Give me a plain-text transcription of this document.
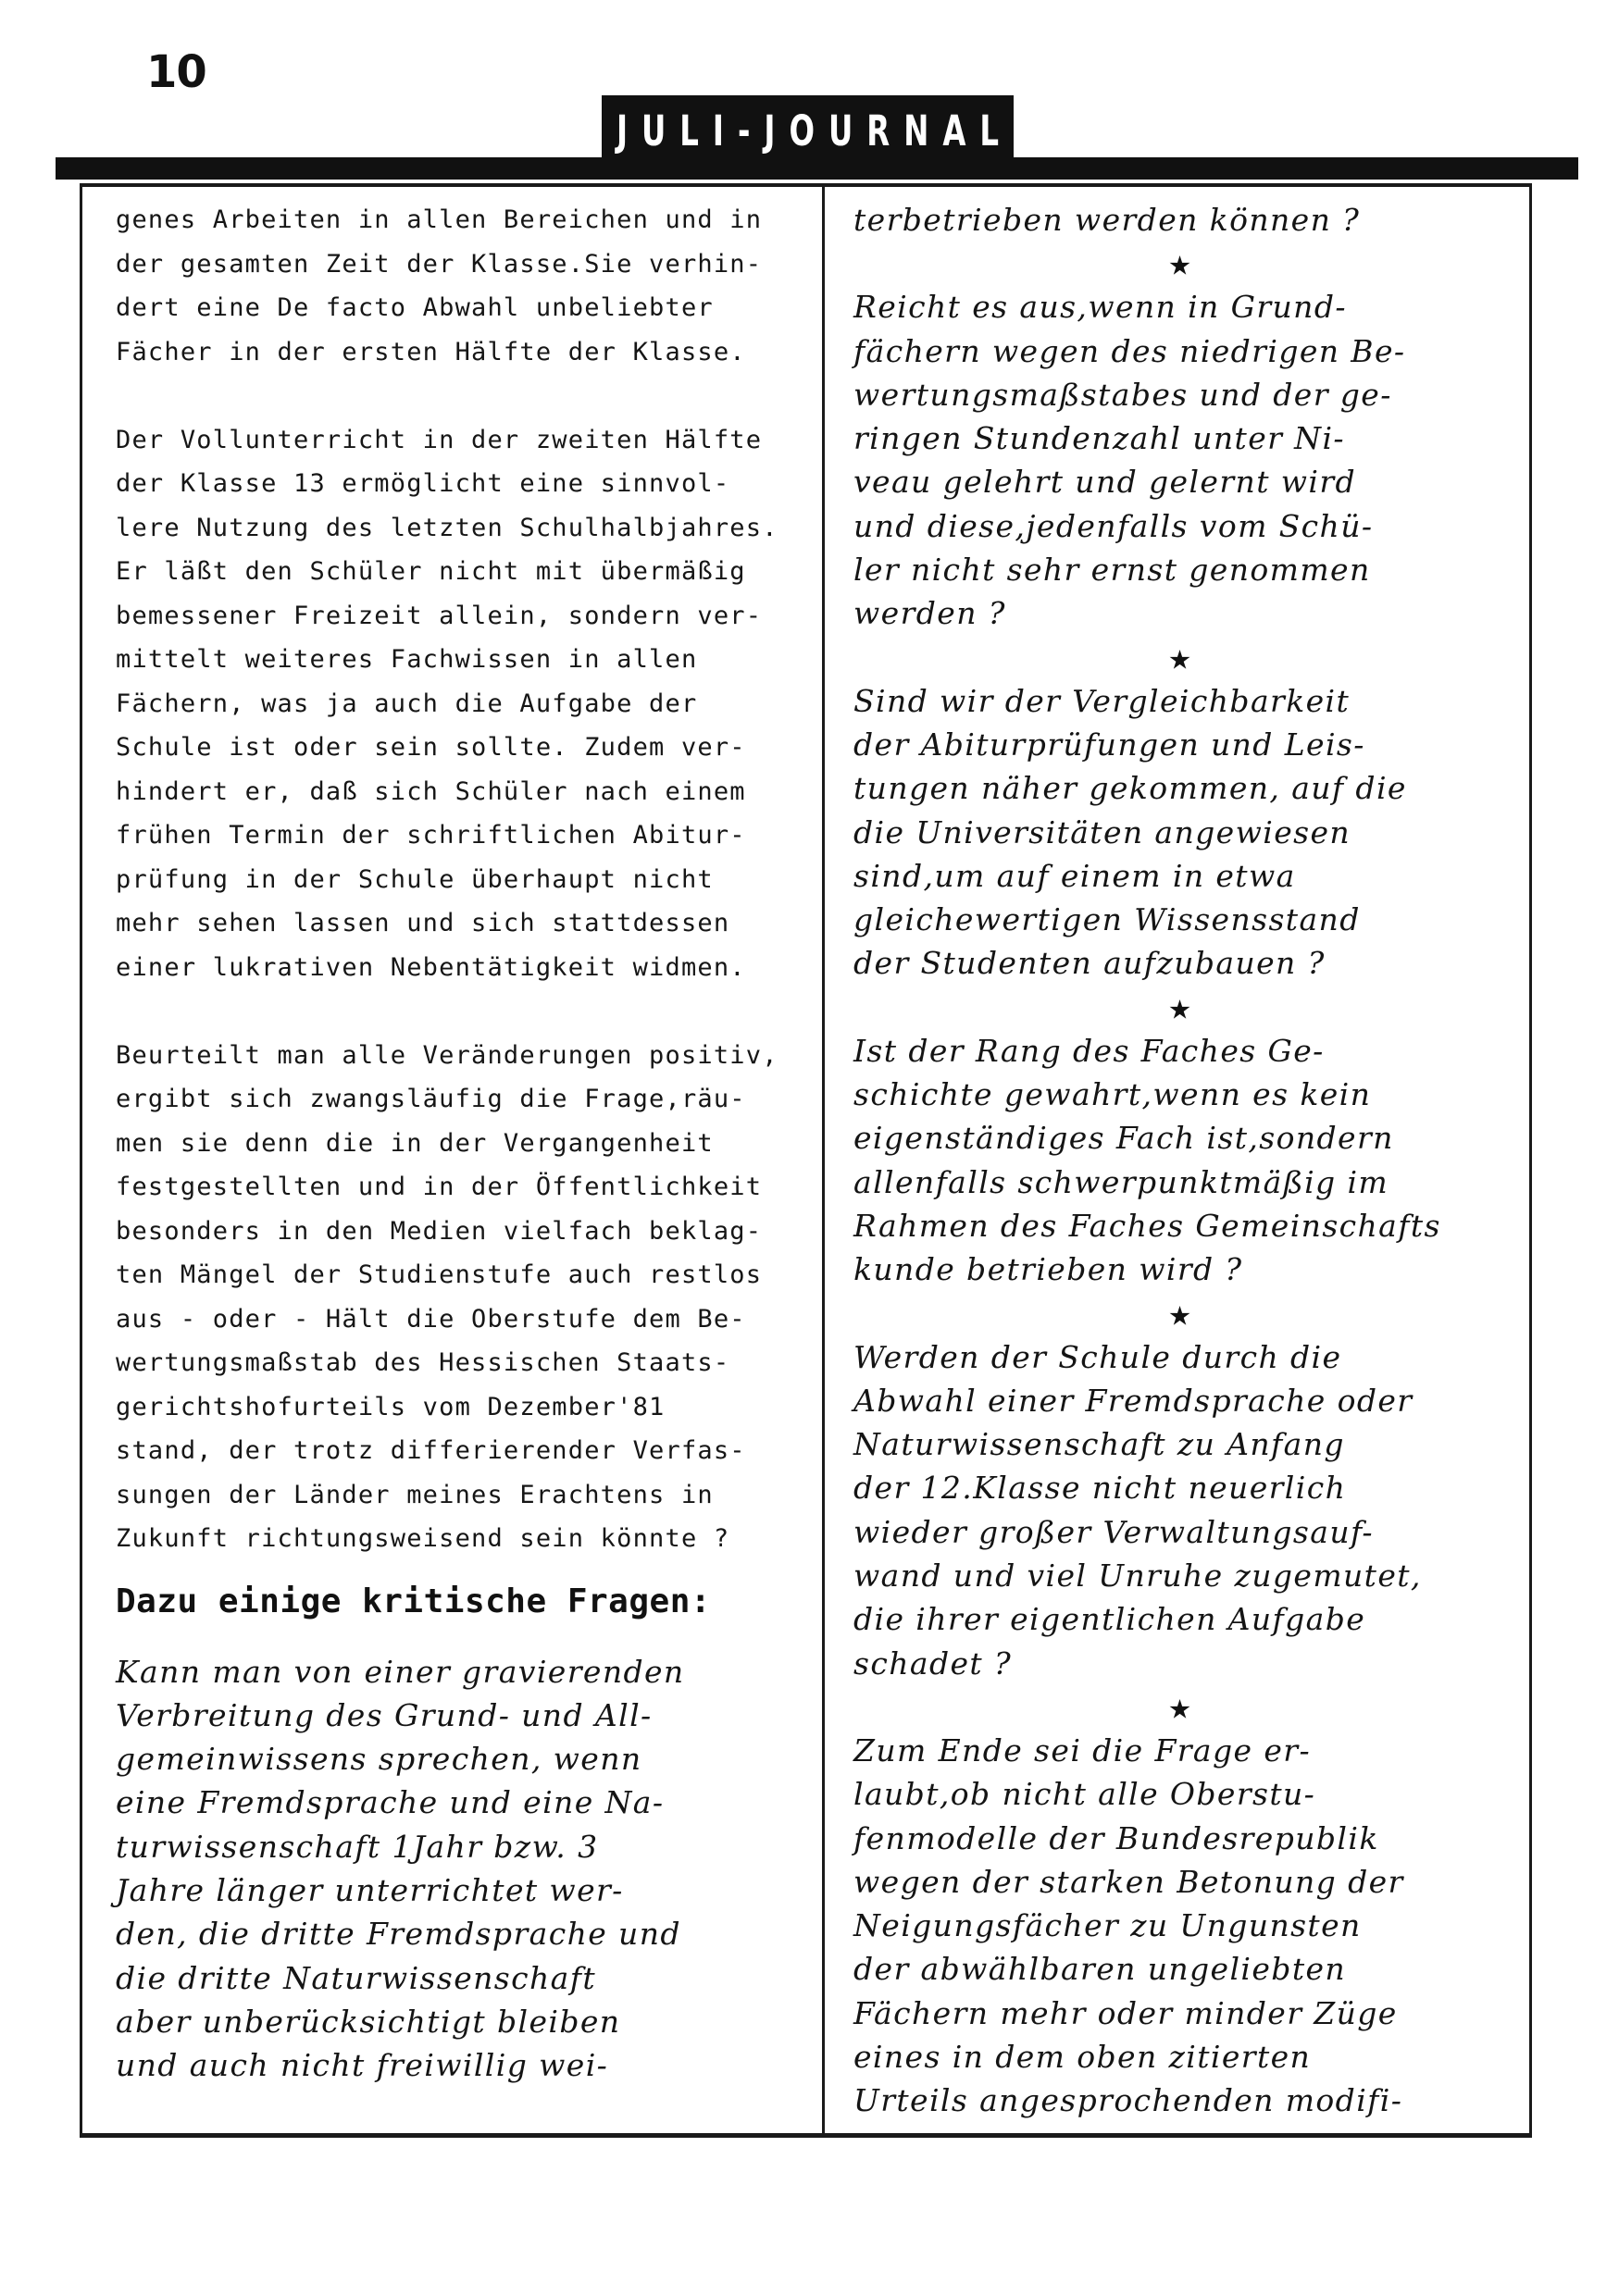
10
JULI-JOURNAL

genes Arbeiten in allen Bereichen und in

der gesamten Zeit der Klasse.Sie verhin-

dert eine De facto Abwahl unbeliebter

Fächer in der ersten Hälfte der Klasse.

Der Vollunterricht in der zweiten Hälfte

der Klasse 13 ermöglicht eine sinnvol-

lere Nutzung des letzten Schulhalbjahres.

Er läßt den Schüler nicht mit übermäßig

bemessener Freizeit allein, sondern ver-

mittelt weiteres Fachwissen in allen

Fächern, was ja auch die Aufgabe der

Schule ist oder sein sollte. Zudem ver-

hindert er, daß sich Schüler nach einem

frühen Termin der schriftlichen Abitur-

prüfung in der Schule überhaupt nicht

mehr sehen lassen und sich stattdessen

einer lukrativen Nebentätigkeit widmen.

Beurteilt man alle Veränderungen positiv,

ergibt sich zwangsläufig die Frage,räu-

men sie denn die in der Vergangenheit

festgestellten und in der Öffentlichkeit

besonders in den Medien vielfach beklag-

ten Mängel der Studienstufe auch restlos

aus - oder - Hält die Oberstufe dem Be-

wertungsmaßstab des Hessischen Staats-

gerichtshofurteils vom Dezember'81

stand, der trotz differierender Verfas-

sungen der Länder meines Erachtens in

Zukunft richtungsweisend sein könnte ?

Dazu einige kritische Fragen:

Kann man von einer gravierenden

Verbreitung des Grund- und All-

gemeinwissens sprechen, wenn

eine Fremdsprache und eine Na-

turwissenschaft 1Jahr bzw. 3

Jahre länger unterrichtet wer-

den, die dritte Fremdsprache und

die dritte Naturwissenschaft

aber unberücksichtigt bleiben

und auch nicht freiwillig wei-

terbetrieben werden können ?

★

Reicht es aus,wenn in Grund-

fächern wegen des niedrigen Be-

wertungsmaßstabes und der ge-

ringen Stundenzahl unter Ni-

veau gelehrt und gelernt wird

und diese,jedenfalls vom Schü-

ler nicht sehr ernst genommen

werden ?

★

Sind wir der Vergleichbarkeit

der Abiturprüfungen und Leis-

tungen näher gekommen, auf die

die Universitäten angewiesen

sind,um auf einem in etwa

gleichewertigen Wissensstand

der Studenten aufzubauen ?

★

Ist der Rang des Faches Ge-

schichte gewahrt,wenn es kein

eigenständiges Fach ist,sondern

allenfalls schwerpunktmäßig im

Rahmen des Faches Gemeinschafts

kunde betrieben wird ?

★

Werden der Schule durch die

Abwahl einer Fremdsprache oder

Naturwissenschaft zu Anfang

der 12.Klasse nicht neuerlich

wieder großer Verwaltungsauf-

wand und viel Unruhe zugemutet,

die ihrer eigentlichen Aufgabe

schadet ?

★

Zum Ende sei die Frage er-

laubt,ob nicht alle Oberstu-

fenmodelle der Bundesrepublik

wegen der starken Betonung der

Neigungsfächer zu Ungunsten

der abwählbaren ungeliebten

Fächern mehr oder minder Züge

eines in dem oben zitierten

Urteils angesprochenden modifi-
